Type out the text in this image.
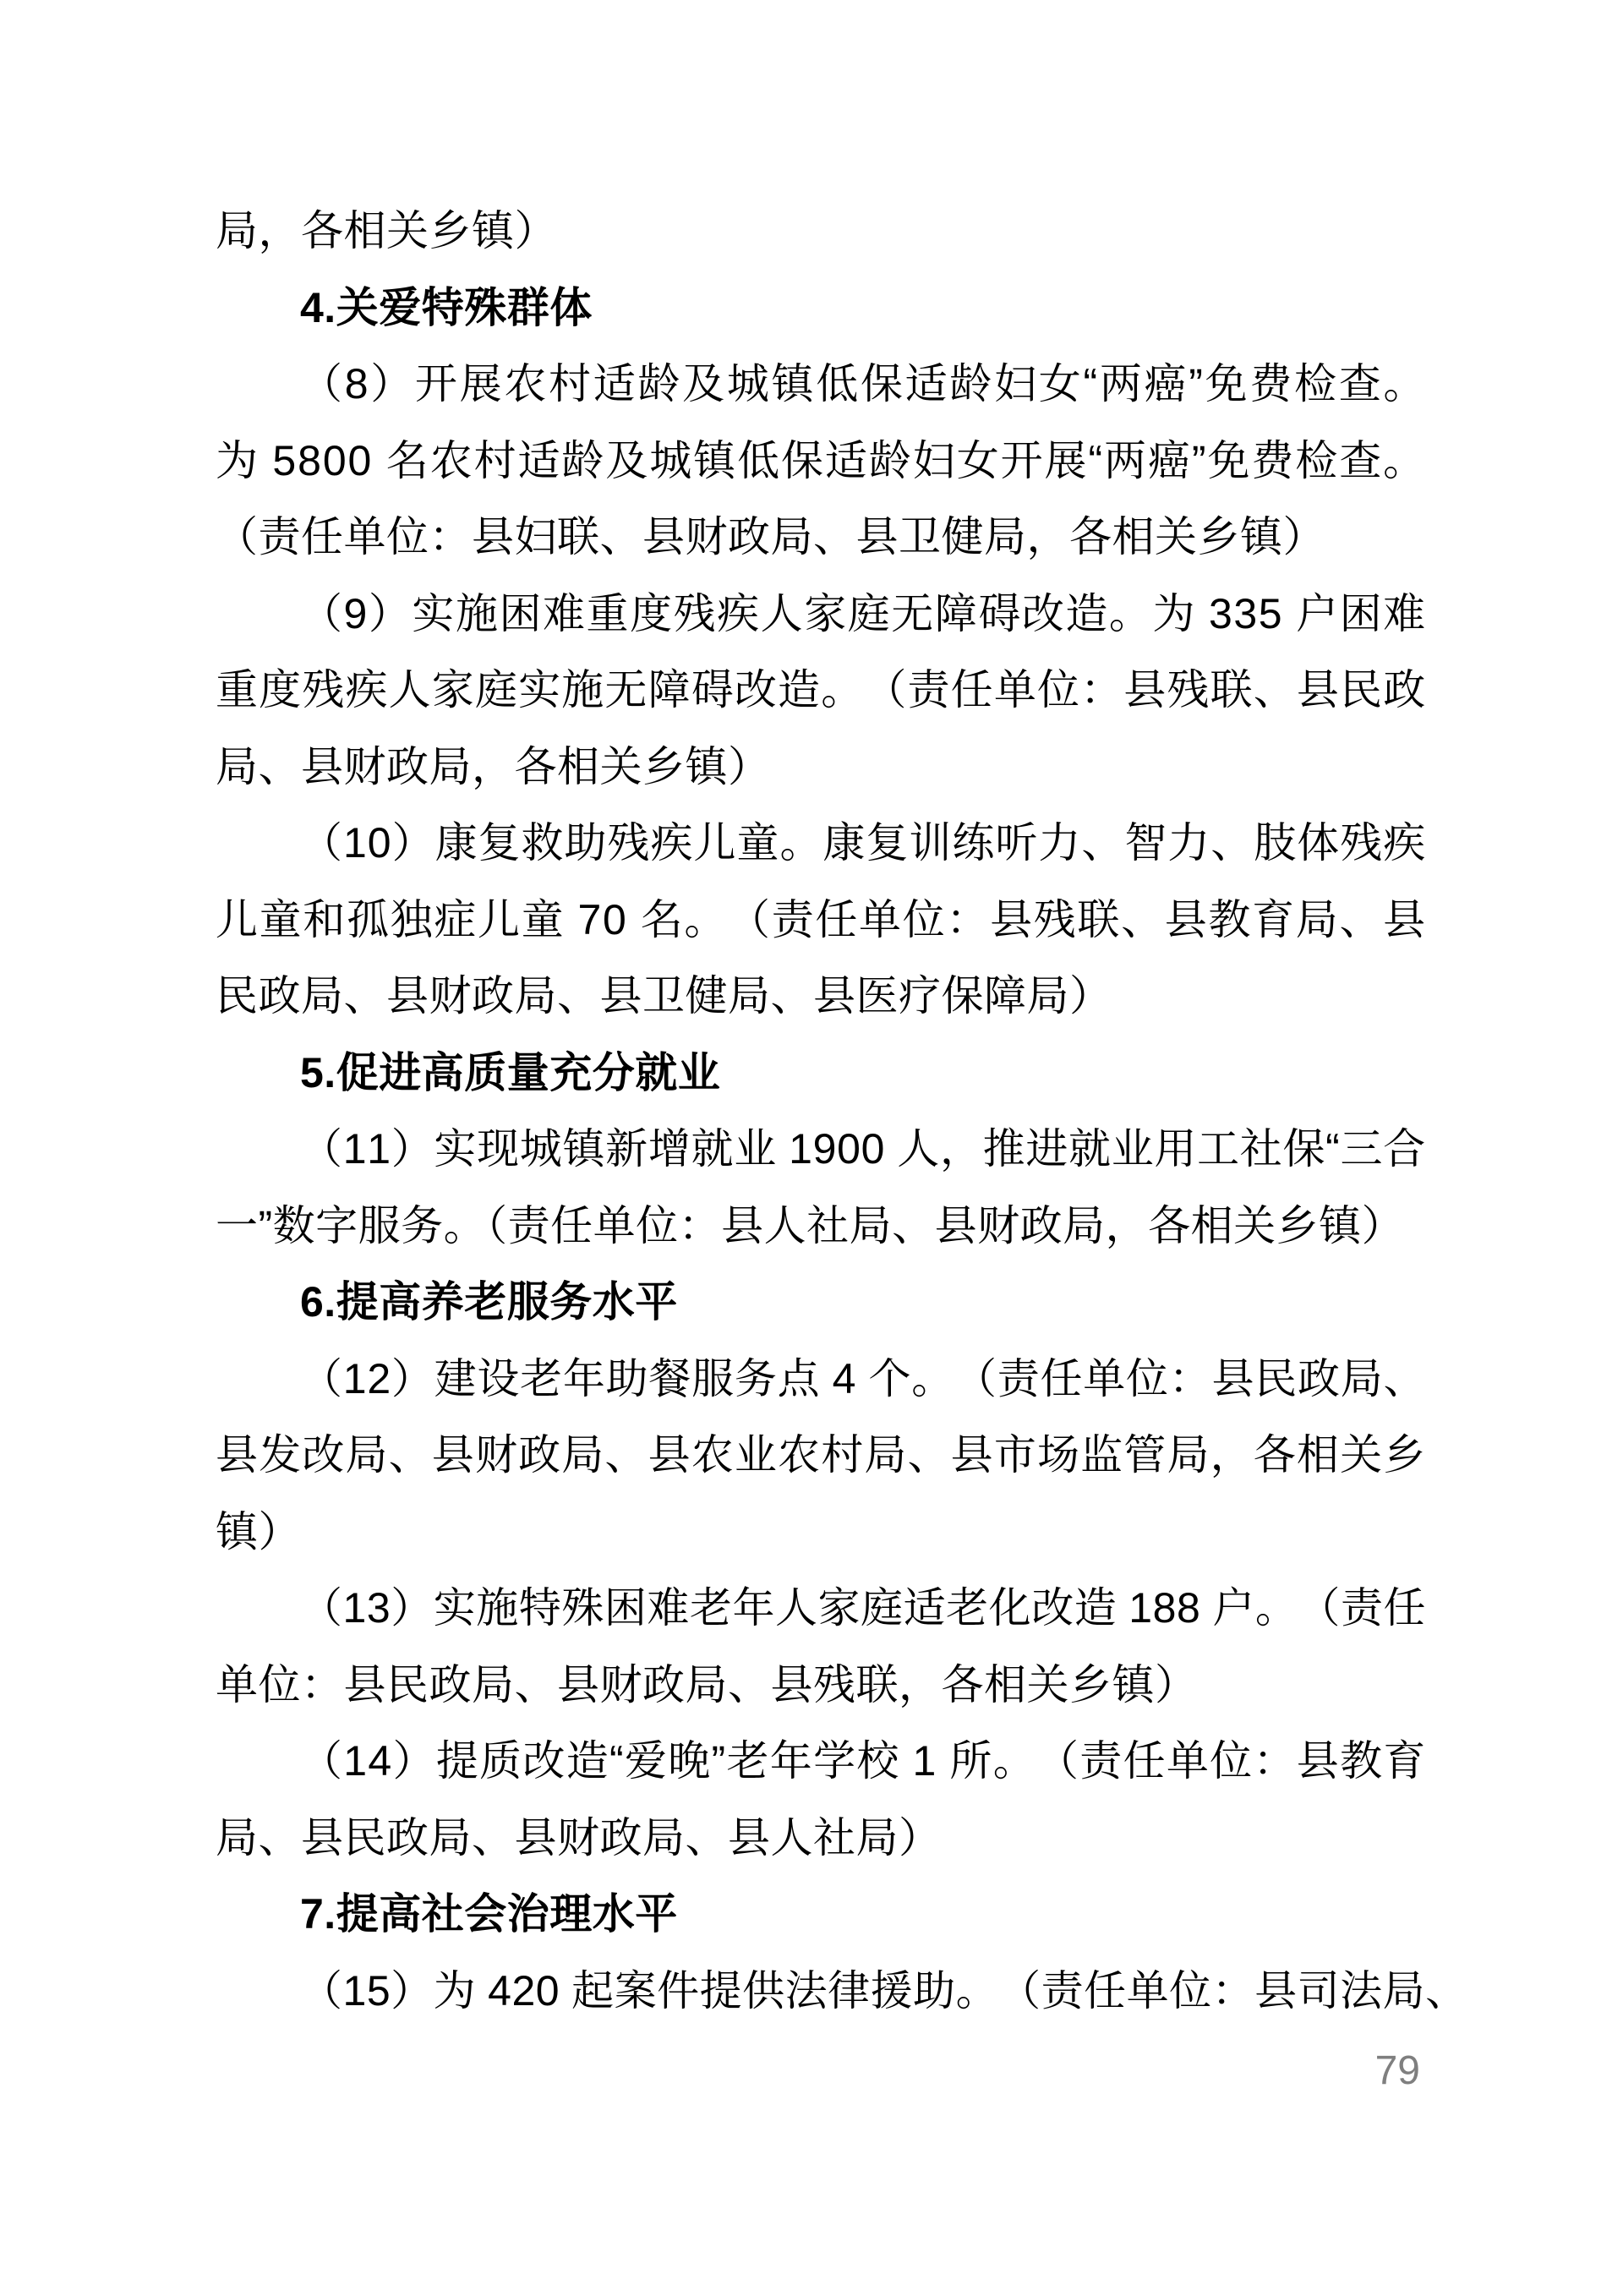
局，各相关乡镇）
4.关爱特殊群体
（ 8 ） 开 展 农 村 适 龄 及 城 镇 低 保 适 龄 妇 女 “ 两 癌 ” 免 费 检 查 。
为
5 8 0 0
名 农 村 适 龄 及 城 镇 低 保 适 龄 妇 女 开 展 “ 两 癌 ” 免 费 检 查 。
（责任单位：县妇联、县财政局、县卫健局，各相关乡镇）
（ 9 ） 实 施 困 难 重 度 残 疾 人 家 庭 无 障 碍 改 造 。 为
3 3 5
户 困 难
重 度 残 疾 人 家 庭 实 施 无 障 碍 改 造 。 （ 责 任 单 位 ： 县 残 联 、 县 民 政
局、县财政局，各相关乡镇）
（ 1 0 ） 康 复 救 助 残 疾 儿 童 。 康 复 训 练 听 力 、 智 力 、 肢 体 残 疾
儿 童 和 孤 独 症 儿 童
7 0
名 。 （ 责 任 单 位 ： 县 残 联 、 县 教 育 局 、 县
民政局、县财政局、县卫健局、县医疗保障局）
5.促进高质量充分就业
（ 1 1 ） 实 现 城 镇 新 增 就 业
1 9 0 0
人 ， 推 进 就 业 用 工 社 保 “ 三 合
一”数字服务。（责任单位：县人社局、县财政局，各相关乡镇）
6.提高养老服务水平
（ 1 2 ） 建 设 老 年 助 餐 服 务 点
4
个 。 （ 责 任 单 位 ： 县 民 政 局 、
县 发 改 局 、 县 财 政 局 、 县 农 业 农 村 局 、 县 市 场 监 管 局 ， 各 相 关 乡
镇）
（ 1 3 ） 实 施 特 殊 困 难 老 年 人 家 庭 适 老 化 改 造
1 8 8
户 。 （ 责 任
单位：县民政局、县财政局、县残联，各相关乡镇）
（ 1 4 ） 提 质 改 造 “ 爱 晚 ” 老 年 学 校
1
所 。 （ 责 任 单 位 ： 县 教 育
局、县民政局、县财政局、县人社局）
7.提高社会治理水平
（ 1 5 ） 为
4 2 0
起 案 件 提 供 法 律 援 助 。 （ 责 任 单 位 ： 县 司 法 局 、
79
